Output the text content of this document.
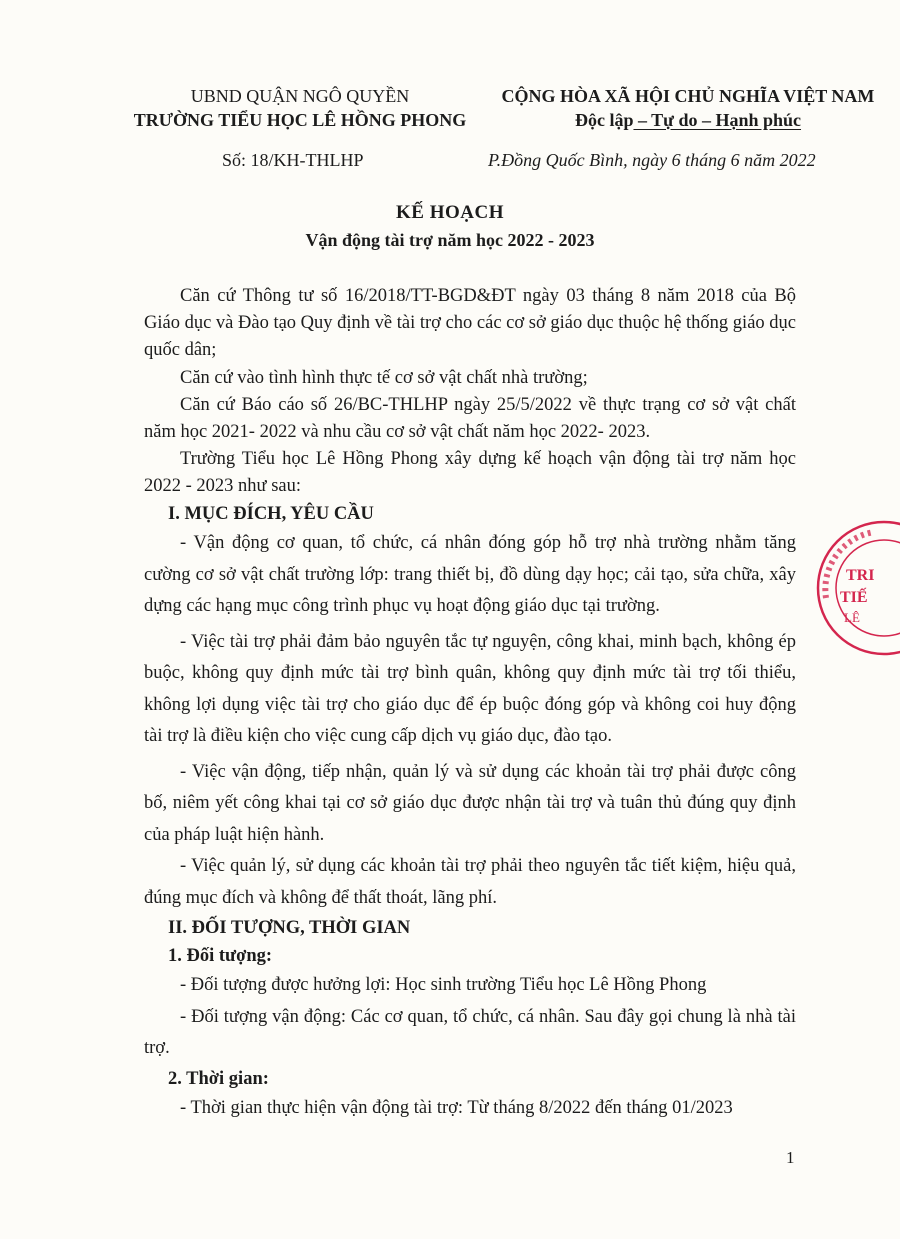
UBND QUẬN NGÔ QUYỀN
TRƯỜNG TIỂU HỌC LÊ HỒNG PHONG
CỘNG HÒA XÃ HỘI CHỦ NGHĨA VIỆT NAM
Độc lập – Tự do – Hạnh phúc
Số: 18/KH-THLHP	P.Đồng Quốc Bình, ngày 6 tháng 6 năm 2022
KẾ HOẠCH
Vận động tài trợ năm học 2022 - 2023

Căn cứ Thông tư số 16/2018/TT-BGD&ĐT ngày 03 tháng 8 năm 2018 của Bộ Giáo dục và Đào tạo Quy định về tài trợ cho các cơ sở giáo dục thuộc hệ thống giáo dục quốc dân;

Căn cứ vào tình hình thực tế cơ sở vật chất nhà trường;

Căn cứ Báo cáo số 26/BC-THLHP ngày 25/5/2022 về thực trạng cơ sở vật chất năm học 2021- 2022 và nhu cầu cơ sở vật chất năm học 2022- 2023.

Trường Tiểu học Lê Hồng Phong xây dựng kế hoạch vận động tài trợ năm học 2022 - 2023 như sau:

I. MỤC ĐÍCH, YÊU CẦU

- Vận động cơ quan, tổ chức, cá nhân đóng góp hỗ trợ nhà trường nhằm tăng cường cơ sở vật chất trường lớp: trang thiết bị, đồ dùng dạy học; cải tạo, sửa chữa, xây dựng các hạng mục công trình phục vụ hoạt động giáo dục tại trường.

- Việc tài trợ phải đảm bảo nguyên tắc tự nguyện, công khai, minh bạch, không ép buộc, không quy định mức tài trợ bình quân, không quy định mức tài trợ tối thiểu, không lợi dụng việc tài trợ cho giáo dục để ép buộc đóng góp và không coi huy động tài trợ là điều kiện cho việc cung cấp dịch vụ giáo dục, đào tạo.

- Việc vận động, tiếp nhận, quản lý và sử dụng các khoản tài trợ phải được công bố, niêm yết công khai tại cơ sở giáo dục được nhận tài trợ và tuân thủ đúng quy định của pháp luật hiện hành.

- Việc quản lý, sử dụng các khoản tài trợ phải theo nguyên tắc tiết kiệm, hiệu quả, đúng mục đích và không để thất thoát, lãng phí.

II. ĐỐI TƯỢNG, THỜI GIAN
1. Đối tượng:

- Đối tượng được hưởng lợi: Học sinh trường Tiểu học Lê Hồng Phong

- Đối tượng vận động: Các cơ quan, tổ chức, cá nhân. Sau đây gọi chung là nhà tài trợ.

2. Thời gian:

- Thời gian thực hiện vận động tài trợ: Từ tháng 8/2022 đến tháng 01/2023

1
TRI
TIẾ
LÊ
